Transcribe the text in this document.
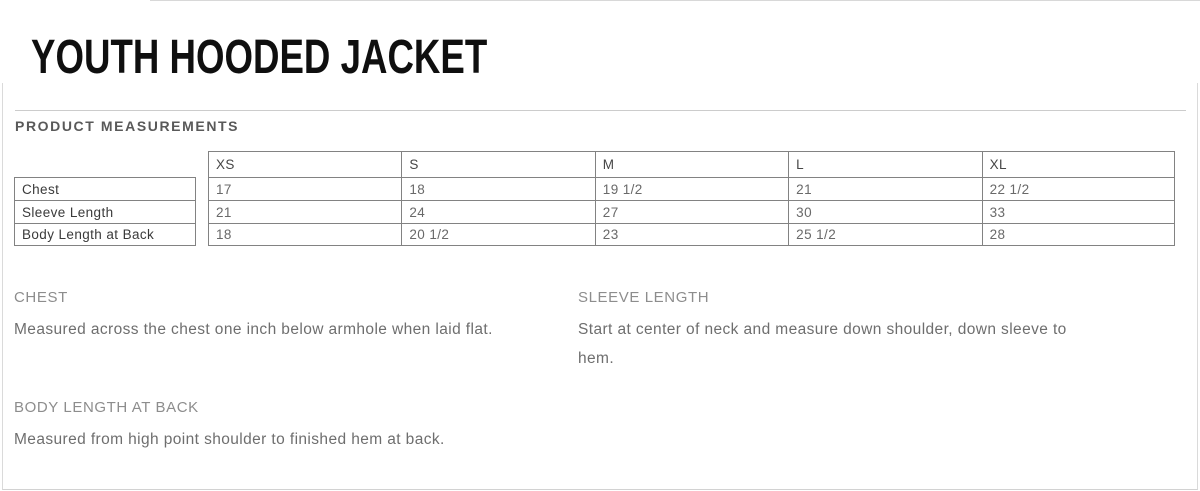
YOUTH HOODED JACKET
PRODUCT MEASUREMENTS
XS	S	M	L	XL
Chest	17	18	19 1/2	21	22 1/2
Sleeve Length	21	24	27	30	33
Body Length at Back	18	20 1/2	23	25 1/2	28
CHEST
Measured across the chest one inch below armhole when laid flat.
SLEEVE LENGTH
Start at center of neck and measure down shoulder, down sleeve to hem.
BODY LENGTH AT BACK
Measured from high point shoulder to finished hem at back.
